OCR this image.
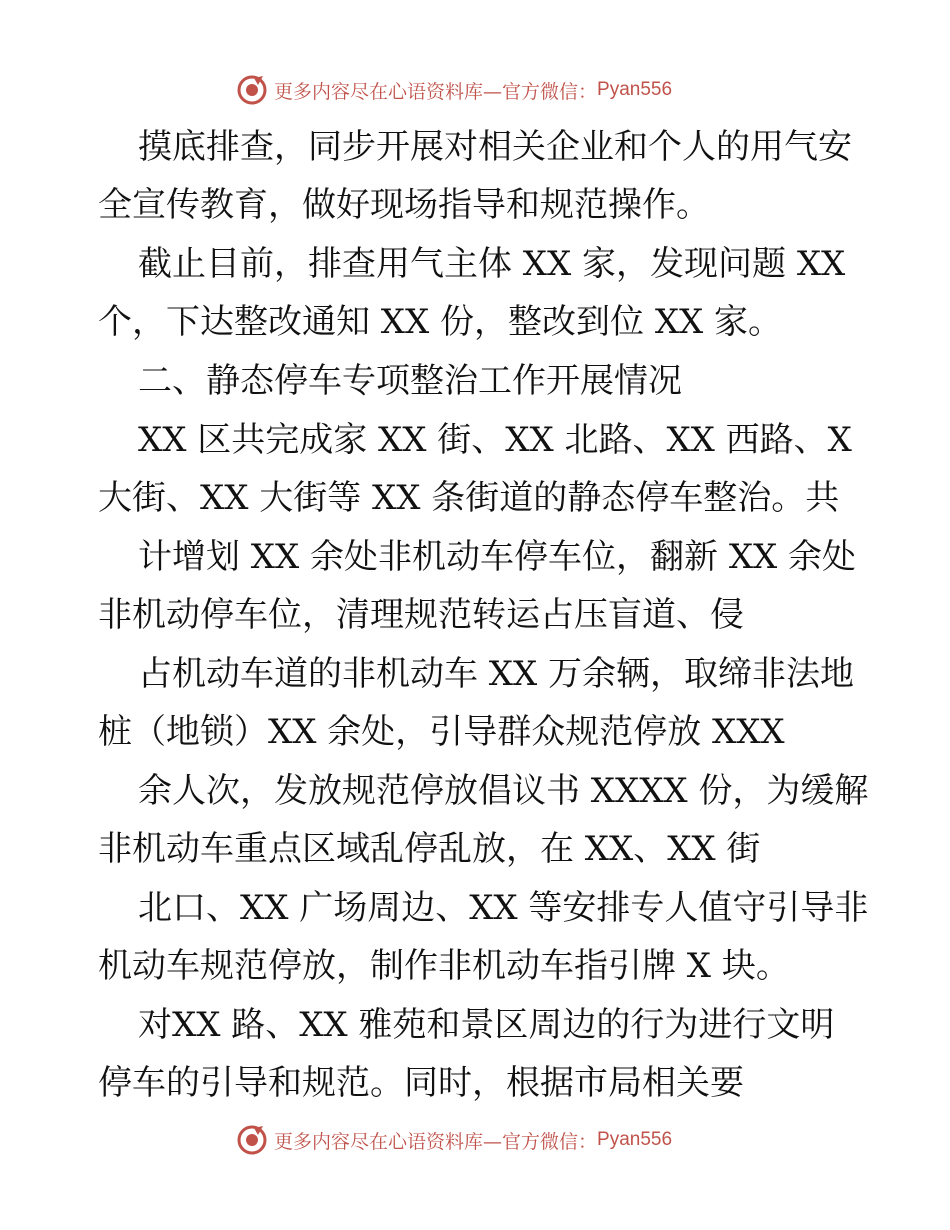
更多内容尽在心语资料库—官方微信： Pyan556
摸底排查，同步开展对相关企业和个人的用气安
全宣传教育，做好现场指导和规范操作。
截止目前，排查用气主体 XX 家，发现问题 XX
个，下达整改通知 XX 份，整改到位 XX 家。
二、静态停车专项整治工作开展情况
XX 区共完成家 XX 街、XX 北路、XX 西路、X
大街、XX 大街等 XX 条街道的静态停车整治。共
计增划 XX 余处非机动车停车位，翻新 XX 余处
非机动停车位，清理规范转运占压盲道、侵
占机动车道的非机动车 XX 万余辆，取缔非法地
桩（地锁）XX 余处，引导群众规范停放 XXX
余人次，发放规范停放倡议书 XXXX 份，为缓解
非机动车重点区域乱停乱放，在 XX、XX 街
北口、XX 广场周边、XX 等安排专人值守引导非
机动车规范停放，制作非机动车指引牌 X 块。
对XX 路、XX 雅苑和景区周边的行为进行文明
停车的引导和规范。同时，根据市局相关要
更多内容尽在心语资料库—官方微信： Pyan556
